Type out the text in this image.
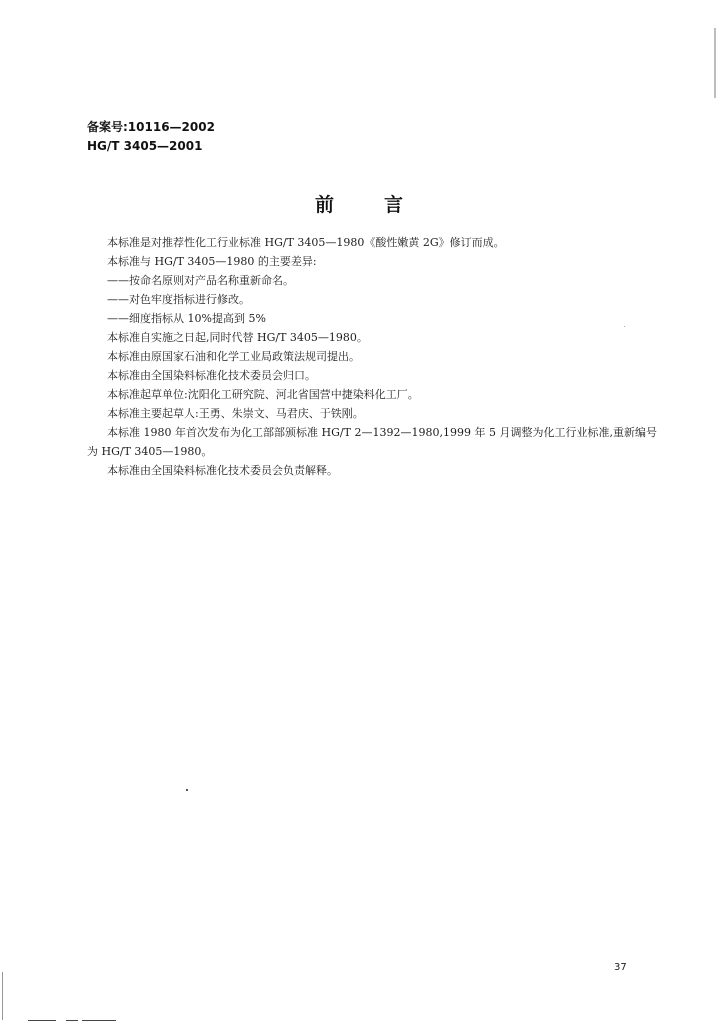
备案号:10116—2002
HG/T 3405—2001
前言

本标准是对推荐性化工行业标准 HG/T 3405—1980《酸性嫩黄 2G》修订而成。

本标准与 HG/T 3405—1980 的主要差异:

——按命名原则对产品名称重新命名。

——对色牢度指标进行修改。

——细度指标从 10%提高到 5%

本标准自实施之日起,同时代替 HG/T 3405—1980。

本标准由原国家石油和化学工业局政策法规司提出。

本标准由全国染料标准化技术委员会归口。

本标准起草单位:沈阳化工研究院、河北省国营中捷染料化工厂。

本标准主要起草人:王勇、朱崇文、马君庆、于铁刚。

本标准 1980 年首次发布为化工部部颁标准 HG/T 2—1392—1980,1999 年 5 月调整为化工行业标准,重新编号为 HG/T 3405—1980。

本标准由全国染料标准化技术委员会负责解释。

37
